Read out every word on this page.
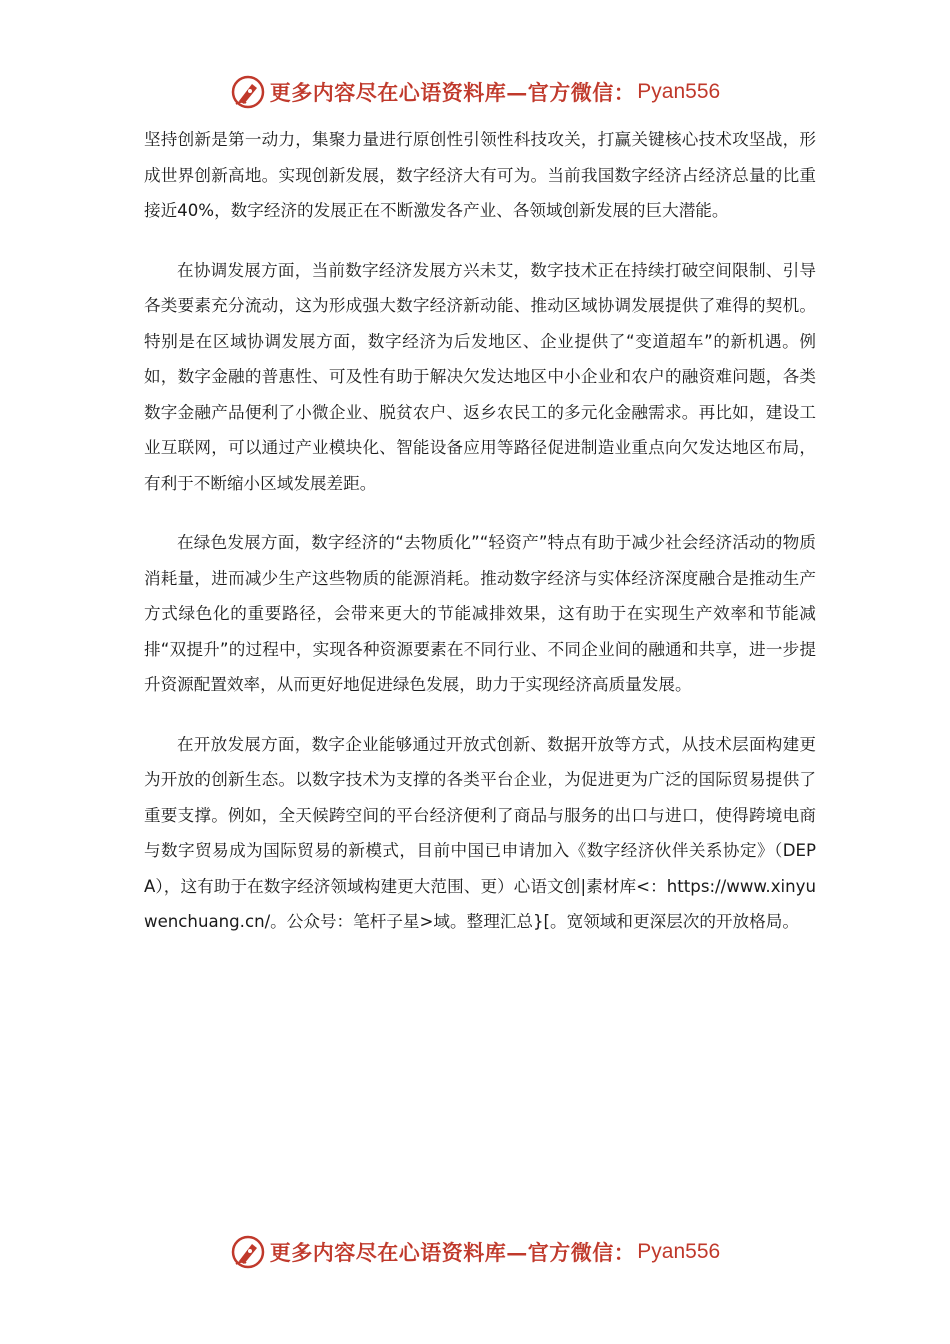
更多内容尽在心语资料库—官方微信： Pyan556

坚持创新是第一动力，集聚力量进行原创性引领性科技攻关，打赢关键核心技术攻坚战，形成世界创新高地。实现创新发展，数字经济大有可为。当前我国数字经济占经济总量的比重接近40%，数字经济的发展正在不断激发各产业、各领域创新发展的巨大潜能。

在协调发展方面，当前数字经济发展方兴未艾，数字技术正在持续打破空间限制、引导各类要素充分流动，这为形成强大数字经济新动能、推动区域协调发展提供了难得的契机。特别是在区域协调发展方面，数字经济为后发地区、企业提供了“变道超车”的新机遇。例如，数字金融的普惠性、可及性有助于解决欠发达地区中小企业和农户的融资难问题，各类数字金融产品便利了小微企业、脱贫农户、返乡农民工的多元化金融需求。再比如，建设工业互联网，可以通过产业模块化、智能设备应用等路径促进制造业重点向欠发达地区布局， 有利于不断缩小区域发展差距。

在绿色发展方面，数字经济的“去物质化”“轻资产”特点有助于减少社会经济活动的物质消耗量，进而减少生产这些物质的能源消耗。推动数字经济与实体经济深度融合是推动生产方式绿色化的重要路径，会带来更大的节能减排效果，这有助于在实现生产效率和节能减排“双提升”的过程中，实现各种资源要素在不同行业、不同企业间的融通和共享，进一步提升资源配置效率，从而更好地促进绿色发展，助力于实现经济高质量发展。

在开放发展方面，数字企业能够通过开放式创新、数据开放等方式，从技术层面构建更为开放的创新生态。以数字技术为支撑的各类平台企业，为促进更为广泛的国际贸易提供了重要支撑。例如，全天候跨空间的平台经济便利了商品与服务的出口与进口，使得跨境电商与数字贸易成为国际贸易的新模式，目前中国已申请加入《数字经济伙伴关系协定》（DEPA），这有助于在数字经济领域构建更大范围、更）心语文创|素材库<：https://www.xinyuwenchuang.cn/。公众号：笔杆子星>域。整理汇总}[。宽领域和更深层次的开放格局。

更多内容尽在心语资料库—官方微信： Pyan556
